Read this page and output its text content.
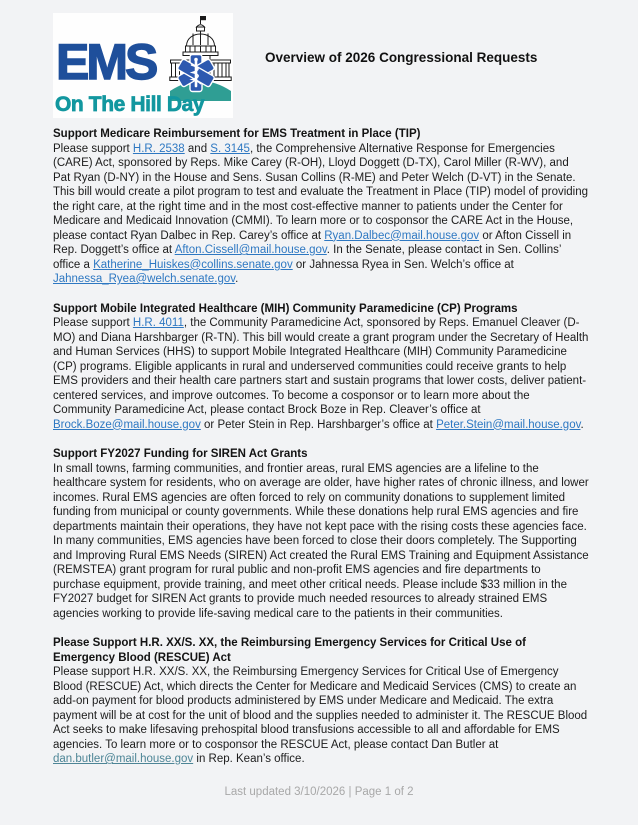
EMS
On The Hill Day
Overview of 2026 Congressional Requests
Support Medicare Reimbursement for EMS Treatment in Place (TIP)

Please support H.R. 2538 and S. 3145, the Comprehensive Alternative Response for Emergencies (CARE) Act, sponsored by Reps. Mike Carey (R-OH), Lloyd Doggett (D-TX), Carol Miller (R-WV), and Pat Ryan (D-NY) in the House and Sens. Susan Collins (R-ME) and Peter Welch (D-VT) in the Senate. This bill would create a pilot program to test and evaluate the Treatment in Place (TIP) model of providing the right care, at the right time and in the most cost-effective manner to patients under the Center for Medicare and Medicaid Innovation (CMMI). To learn more or to cosponsor the CARE Act in the House, please contact Ryan Dalbec in Rep. Carey’s office at Ryan.Dalbec@mail.house.gov or Afton Cissell in Rep. Doggett’s office at Afton.Cissell@mail.house.gov. In the Senate, please contact in Sen. Collins’ office a Katherine_Huiskes@collins.senate.gov or Jahnessa Ryea in Sen. Welch’s office at Jahnessa_Ryea@welch.senate.gov.

Support Mobile Integrated Healthcare (MIH) Community Paramedicine (CP) Programs

Please support H.R. 4011, the Community Paramedicine Act, sponsored by Reps. Emanuel Cleaver (D-MO) and Diana Harshbarger (R-TN). This bill would create a grant program under the Secretary of Health and Human Services (HHS) to support Mobile Integrated Healthcare (MIH) Community Paramedicine (CP) programs. Eligible applicants in rural and underserved communities could receive grants to help EMS providers and their health care partners start and sustain programs that lower costs, deliver patient-centered services, and improve outcomes. To become a cosponsor or to learn more about the Community Paramedicine Act, please contact Brock Boze in Rep. Cleaver’s office at Brock.Boze@mail.house.gov or Peter Stein in Rep. Harshbarger’s office at Peter.Stein@mail.house.gov.

Support FY2027 Funding for SIREN Act Grants

In small towns, farming communities, and frontier areas, rural EMS agencies are a lifeline to the healthcare system for residents, who on average are older, have higher rates of chronic illness, and lower incomes. Rural EMS agencies are often forced to rely on community donations to supplement limited funding from municipal or county governments. While these donations help rural EMS agencies and fire departments maintain their operations, they have not kept pace with the rising costs these agencies face. In many communities, EMS agencies have been forced to close their doors completely. The Supporting and Improving Rural EMS Needs (SIREN) Act created the Rural EMS Training and Equipment Assistance (REMSTEA) grant program for rural public and non-profit EMS agencies and fire departments to purchase equipment, provide training, and meet other critical needs. Please include $33 million in the FY2027 budget for SIREN Act grants to provide much needed resources to already strained EMS agencies working to provide life-saving medical care to the patients in their communities.

Please Support H.R. XX/S. XX, the Reimbursing Emergency Services for Critical Use of Emergency Blood (RESCUE) Act

Please support H.R. XX/S. XX, the Reimbursing Emergency Services for Critical Use of Emergency Blood (RESCUE) Act, which directs the Center for Medicare and Medicaid Services (CMS) to create an add-on payment for blood products administered by EMS under Medicare and Medicaid. The extra payment will be at cost for the unit of blood and the supplies needed to administer it. The RESCUE Blood Act seeks to make lifesaving prehospital blood transfusions accessible to all and affordable for EMS agencies. To learn more or to cosponsor the RESCUE Act, please contact Dan Butler at dan.butler@mail.house.gov in Rep. Kean’s office.

Last updated 3/10/2026 | Page 1 of 2
